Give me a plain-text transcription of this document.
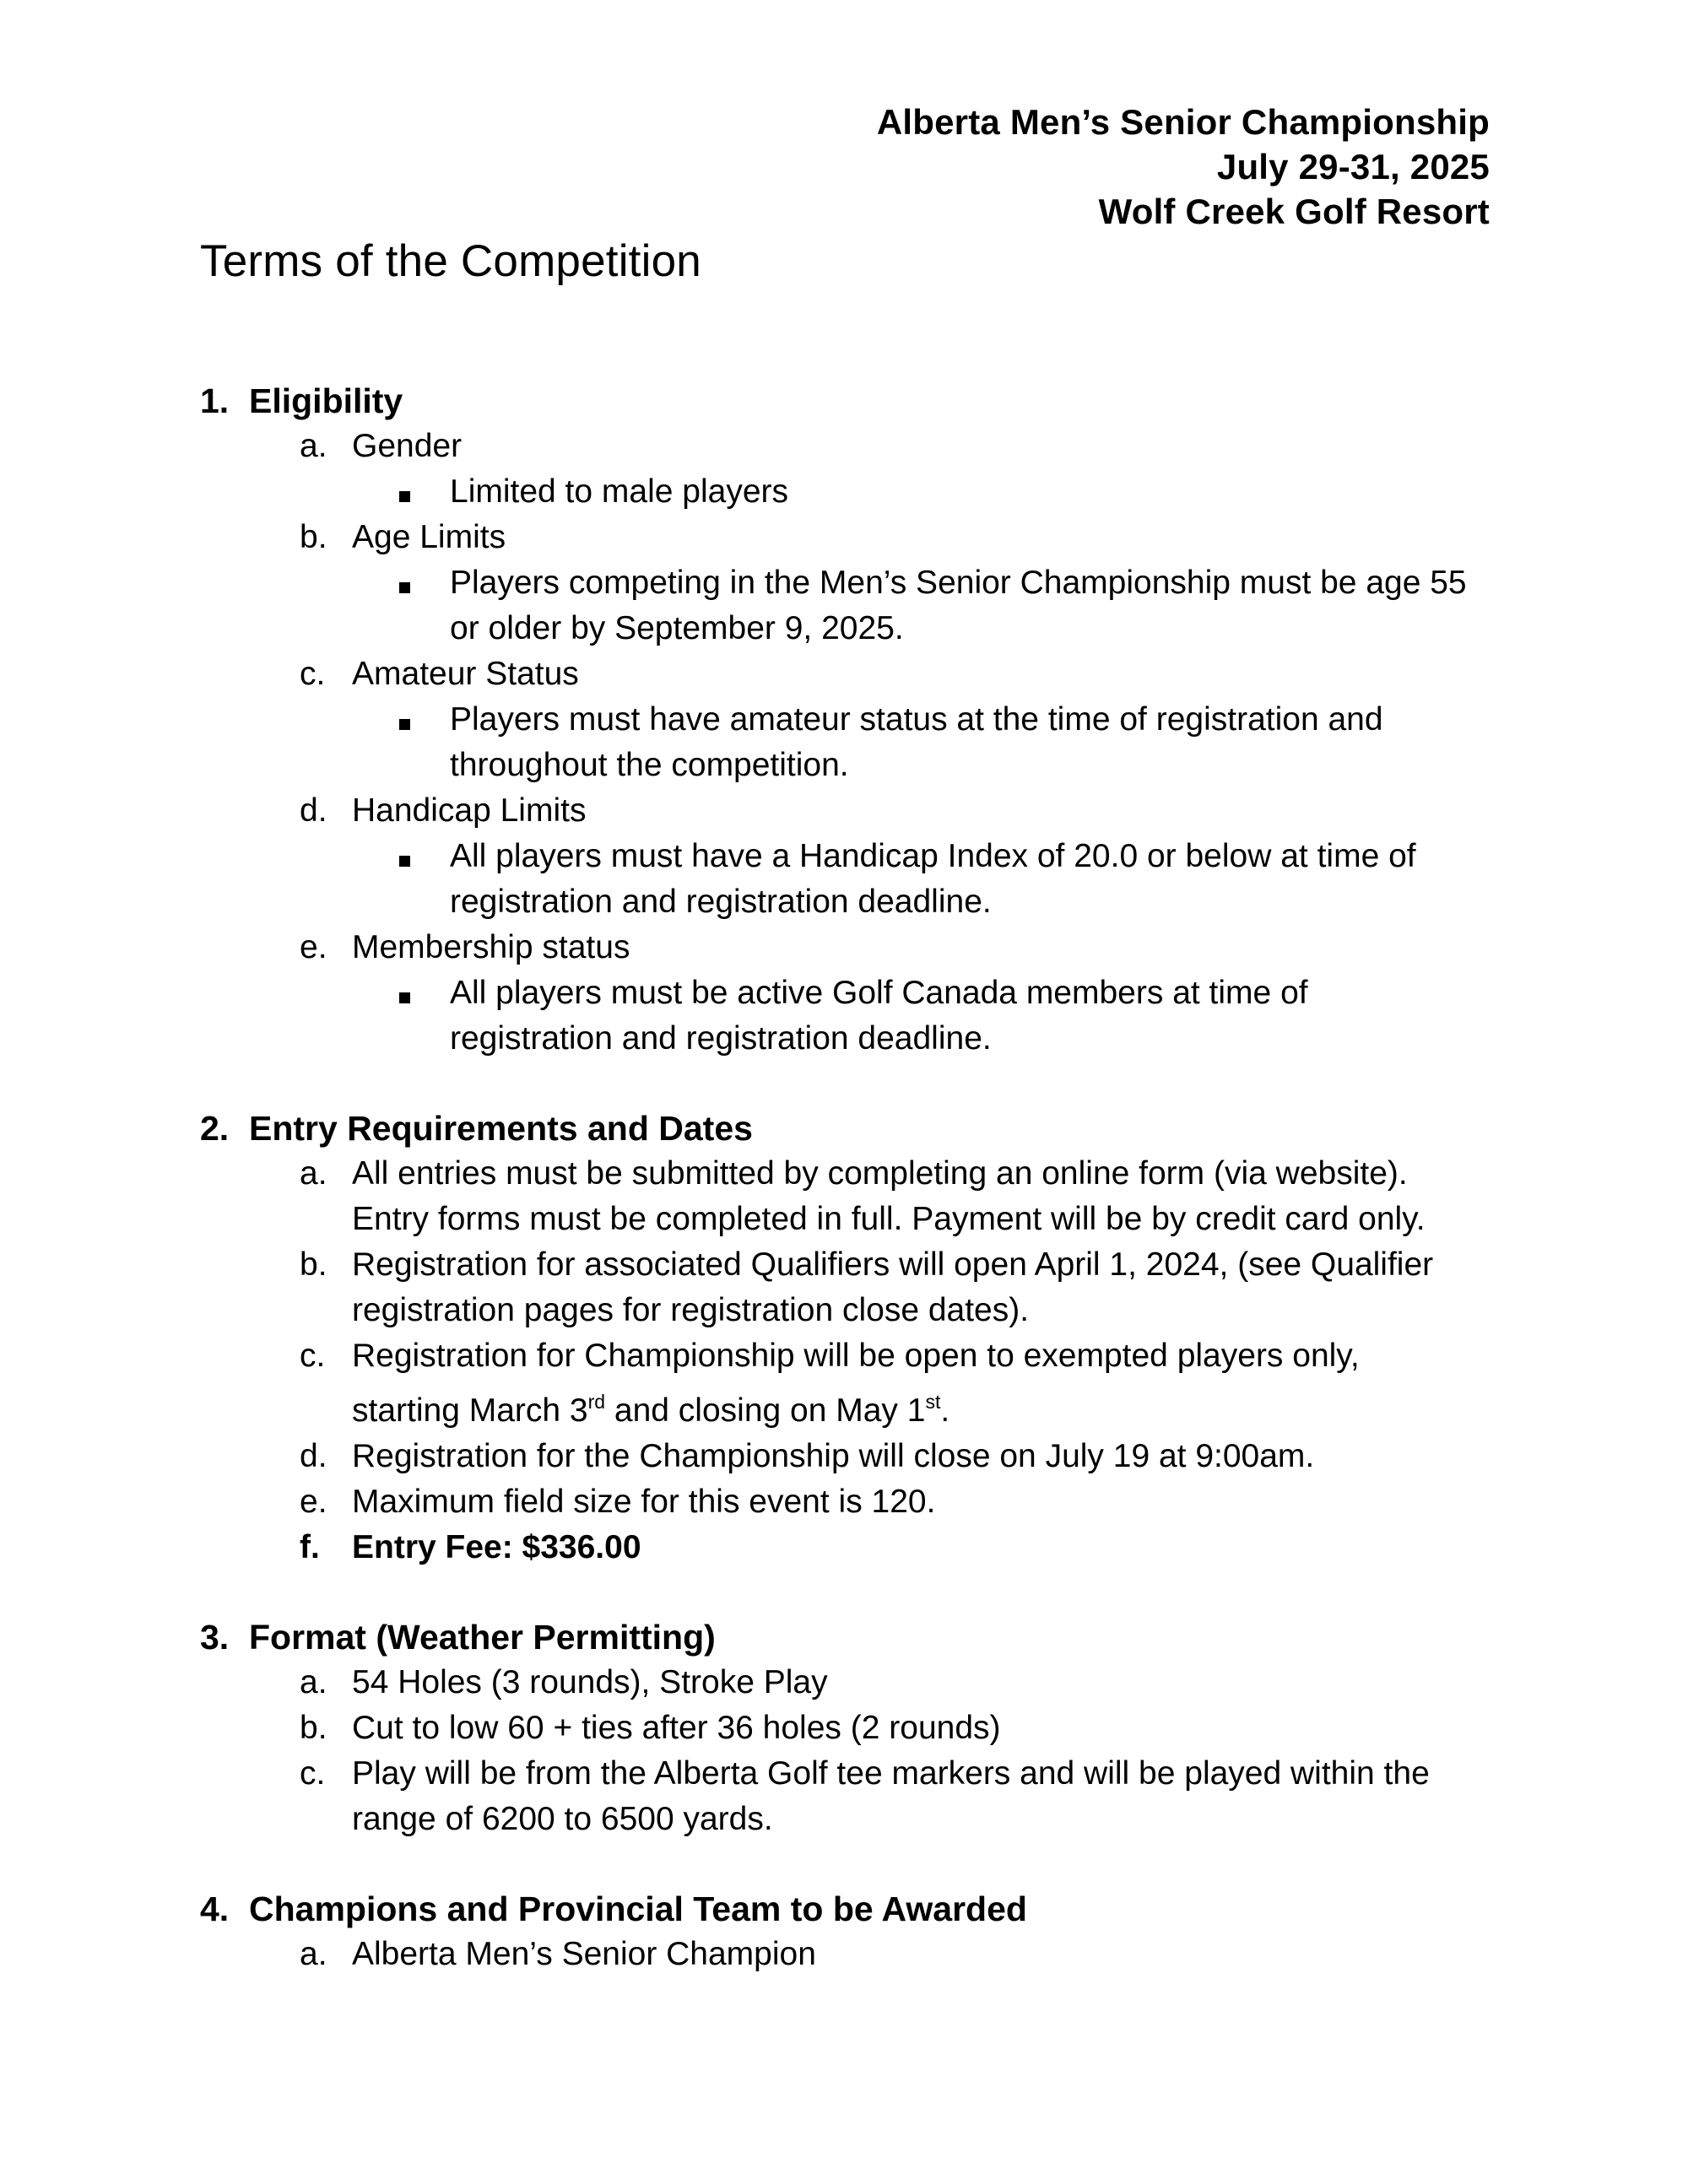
Alberta Men’s Senior Championship
July 29-31, 2025
Wolf Creek Golf Resort
Terms of the Competition
1. Eligibility
a. Gender
Limited to male players
b. Age Limits
Players competing in the Men’s Senior Championship must be age 55
or older by September 9, 2025.
c. Amateur Status
Players must have amateur status at the time of registration and
throughout the competition.
d. Handicap Limits
All players must have a Handicap Index of 20.0 or below at time of
registration and registration deadline.
e. Membership status
All players must be active Golf Canada members at time of
registration and registration deadline.
2. Entry Requirements and Dates
a. All entries must be submitted by completing an online form (via website).
Entry forms must be completed in full. Payment will be by credit card only.
b. Registration for associated Qualifiers will open April 1, 2024, (see Qualifier
registration pages for registration close dates).
c. Registration for Championship will be open to exempted players only,
starting March 3rd and closing on May 1st.
d. Registration for the Championship will close on July 19 at 9:00am.
e. Maximum field size for this event is 120.
f. Entry Fee: $336.00
3. Format (Weather Permitting)
a. 54 Holes (3 rounds), Stroke Play
b. Cut to low 60 + ties after 36 holes (2 rounds)
c. Play will be from the Alberta Golf tee markers and will be played within the
range of 6200 to 6500 yards.
4. Champions and Provincial Team to be Awarded
a. Alberta Men’s Senior Champion
